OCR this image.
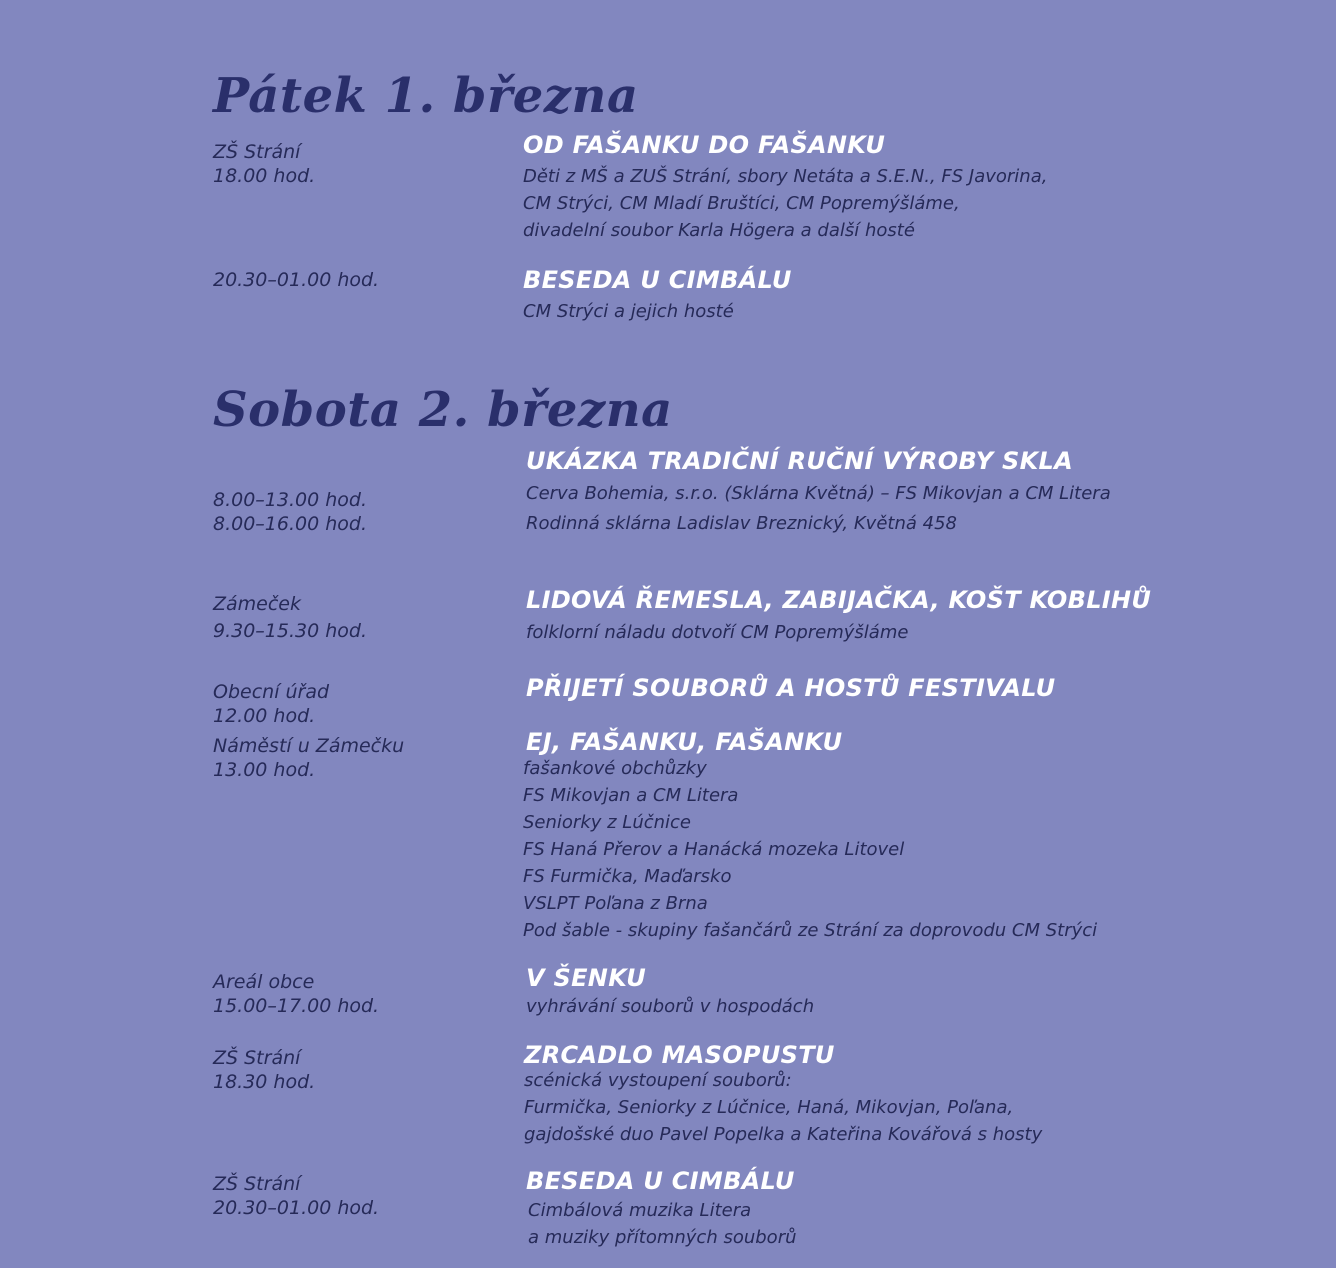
Pátek 1. března
ZŠ Strání
18.00 hod.
OD FAŠANKU DO FAŠANKU
Děti z MŠ a ZUŠ Strání, sbory Netáta a S.E.N., FS Javorina,
CM Strýci, CM Mladí Bruštíci, CM Popremýšláme,
divadelní soubor Karla Högera a další hosté
20.30–01.00 hod.	BESEDA U CIMBÁLU
CM Strýci a jejich hosté
Sobota 2. března
UKÁZKA TRADIČNÍ RUČNÍ VÝROBY SKLA
8.00–13.00 hod.
8.00–16.00 hod.
Cerva Bohemia, s.r.o. (Sklárna Květná) – FS Mikovjan a CM Litera
Rodinná sklárna Ladislav Breznický, Květná 458
Zámeček
9.30–15.30 hod.
LIDOVÁ ŘEMESLA, ZABIJAČKA, KOŠT KOBLIHŮ
folklorní náladu dotvoří CM Popremýšláme
Obecní úřad
12.00 hod.
PŘIJETÍ SOUBORŮ A HOSTŮ FESTIVALU
Náměstí u Zámečku
13.00 hod.
EJ, FAŠANKU, FAŠANKU
fašankové obchůzky
FS Mikovjan a CM Litera
Seniorky z Lúčnice
FS Haná Přerov a Hanácká mozeka Litovel
FS Furmička, Maďarsko
VSLPT Poľana z Brna
Pod šable - skupiny fašančárů ze Strání za doprovodu CM Strýci
Areál obce
15.00–17.00 hod.
V ŠENKU
vyhrávání souborů v hospodách
ZŠ Strání
18.30 hod.
ZRCADLO MASOPUSTU
scénická vystoupení souborů:
Furmička, Seniorky z Lúčnice, Haná, Mikovjan, Poľana,
gajdošské duo Pavel Popelka a Kateřina Kovářová s hosty
ZŠ Strání
20.30–01.00 hod.
BESEDA U CIMBÁLU
Cimbálová muzika Litera
a muziky přítomných souborů
